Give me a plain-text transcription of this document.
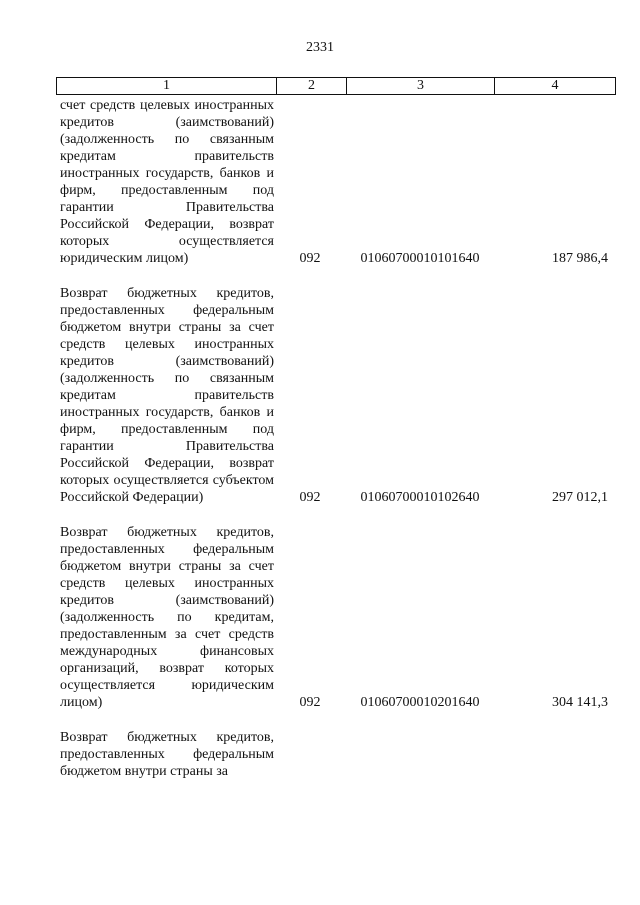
2331
1	2	3	4
счет средств целевых иностранных кредитов (заимствований) (задолженность по связанным кредитам правительств иностранных государств, банков и фирм, предоставленным под гарантии Правительства Российской Федерации, возврат которых осуществляется юридическим лицом)	092	01060700010101640	187 986,4
Возврат бюджетных кредитов, предоставленных федеральным бюджетом внутри страны за счет средств целевых иностранных кредитов (заимствований) (задолженность по связанным кредитам правительств иностранных государств, банков и фирм, предоставленным под гарантии Правительства Российской Федерации, возврат которых осуществляется субъектом Российской Федерации)	092	01060700010102640	297 012,1
Возврат бюджетных кредитов, предоставленных федеральным бюджетом внутри страны за счет средств целевых иностранных кредитов (заимствований) (задолженность по кредитам, предоставленным за счет средств международных финансовых организаций, возврат которых осуществляется юридическим лицом)	092	01060700010201640	304 141,3
Возврат бюджетных кредитов, предоставленных федеральным бюджетом внутри страны за
